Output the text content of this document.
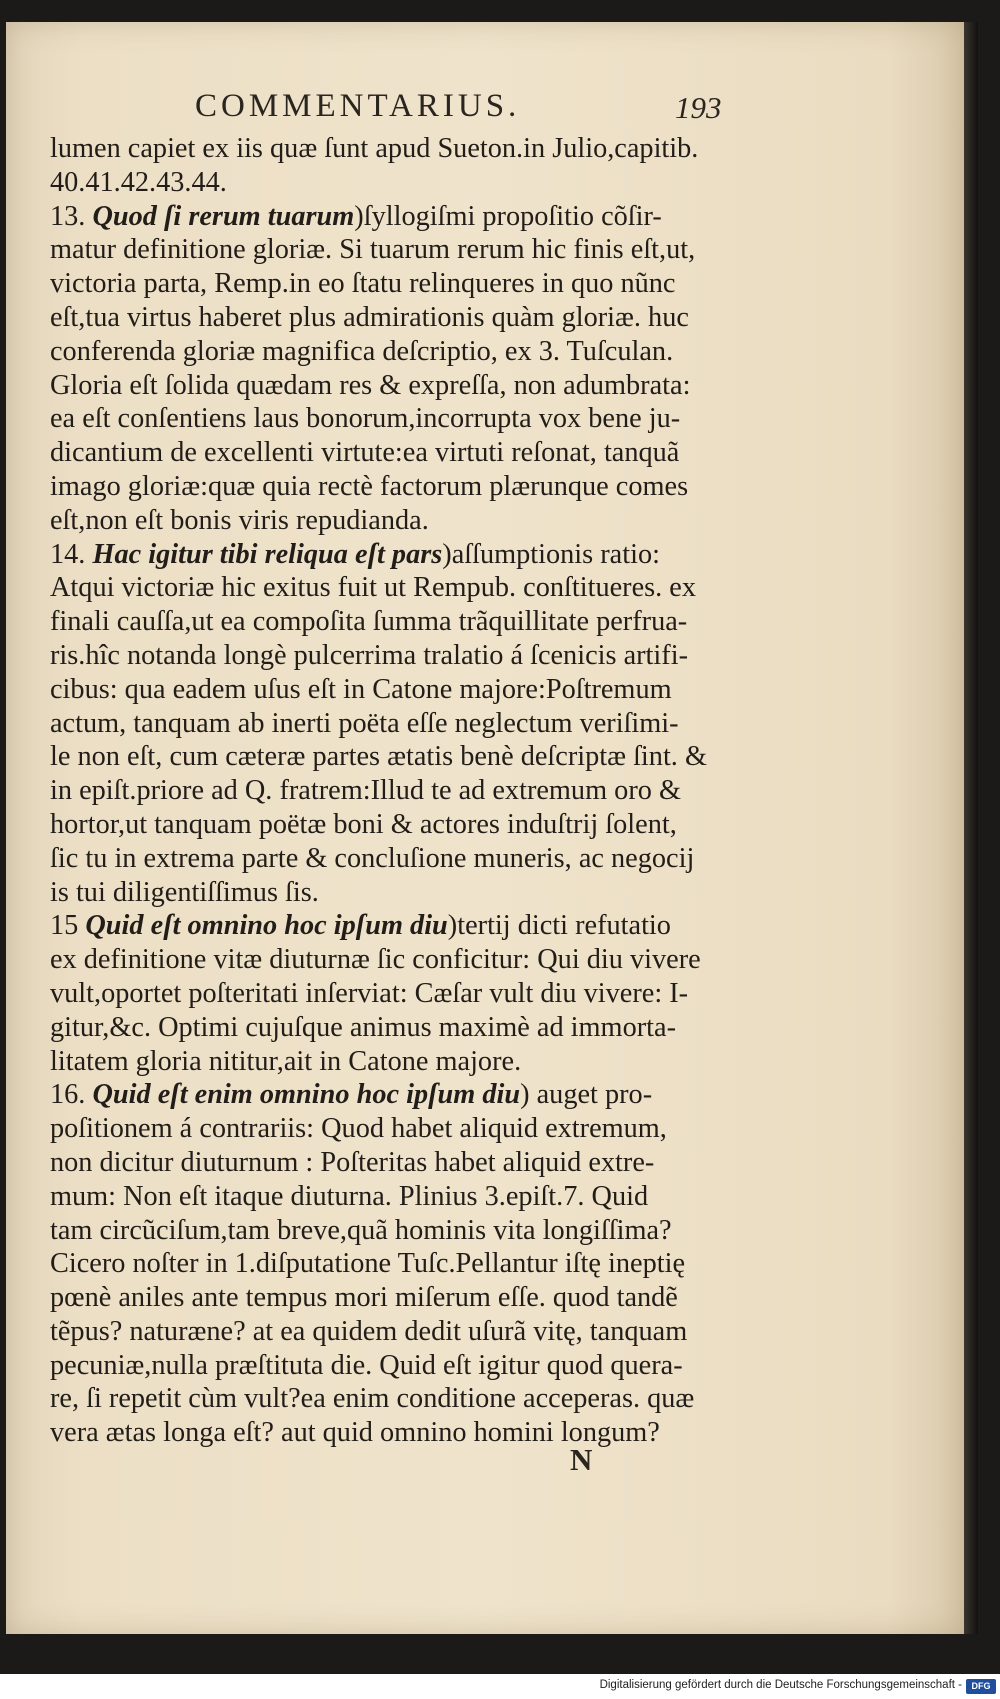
COMMENTARIUS.	193
lumen capiet ex iis quæ ſunt apud Sueton.in Julio,capitib.
40.41.42.43.44.
13. Quod ſi rerum tuarum)ſyllogiſmi propoſitio cõſir-
matur definitione gloriæ. Si tuarum rerum hic finis eſt,ut,
victoria parta, Remp.in eo ſtatu relinqueres in quo nũnc
eſt,tua virtus haberet plus admirationis quàm gloriæ. huc
conferenda gloriæ magnifica deſcriptio, ex 3. Tuſculan.
Gloria eſt ſolida quædam res & expreſſa, non adumbrata:
ea eſt conſentiens laus bonorum,incorrupta vox bene ju-
dicantium de excellenti virtute:ea virtuti reſonat, tanquã
imago gloriæ:quæ quia rectè factorum plærunque comes
eſt,non eſt bonis viris repudianda.
14. Hac igitur tibi reliqua eſt pars)aſſumptionis ratio:
Atqui victoriæ hic exitus fuit ut Rempub. conſtitueres. ex
finali cauſſa,ut ea compoſita ſumma trãquillitate perfrua-
ris.hîc notanda longè pulcerrima tralatio á ſcenicis artifi-
cibus: qua eadem uſus eſt in Catone majore:Poſtremum
actum, tanquam ab inerti poëta eſſe neglectum veriſimi-
le non eſt, cum cæteræ partes ætatis benè deſcriptæ ſint. &
in epiſt.priore ad Q. fratrem:Illud te ad extremum oro &
hortor,ut tanquam poëtæ boni & actores induſtrij ſolent,
ſic tu in extrema parte & concluſione muneris, ac negocij
is tui diligentiſſimus ſis.
15 Quid eſt omnino hoc ipſum diu)tertij dicti refutatio
ex definitione vitæ diuturnæ ſic conficitur: Qui diu vivere
vult,oportet poſteritati inſerviat: Cæſar vult diu vivere: I-
gitur,&c. Optimi cujuſque animus maximè ad immorta-
litatem gloria nititur,ait in Catone majore.
16. Quid eſt enim omnino hoc ipſum diu) auget pro-
poſitionem á contrariis: Quod habet aliquid extremum,
non dicitur diuturnum : Poſteritas habet aliquid extre-
mum: Non eſt itaque diuturna. Plinius 3.epiſt.7. Quid
tam circũciſum,tam breve,quã hominis vita longiſſima?
Cicero noſter in 1.diſputatione Tuſc.Pellantur iſtę ineptię
pœnè aniles ante tempus mori miſerum eſſe. quod tandẽ
tẽpus? naturæne? at ea quidem dedit uſurã vitę, tanquam
pecuniæ,nulla præſtituta die. Quid eſt igitur quod quera-
re, ſi repetit cùm vult?ea enim conditione acceperas. quæ
vera ætas longa eſt? aut quid omnino homini longum?
N
Digitalisierung gefördert durch die Deutsche Forschungsgemeinschaft -	DFG
